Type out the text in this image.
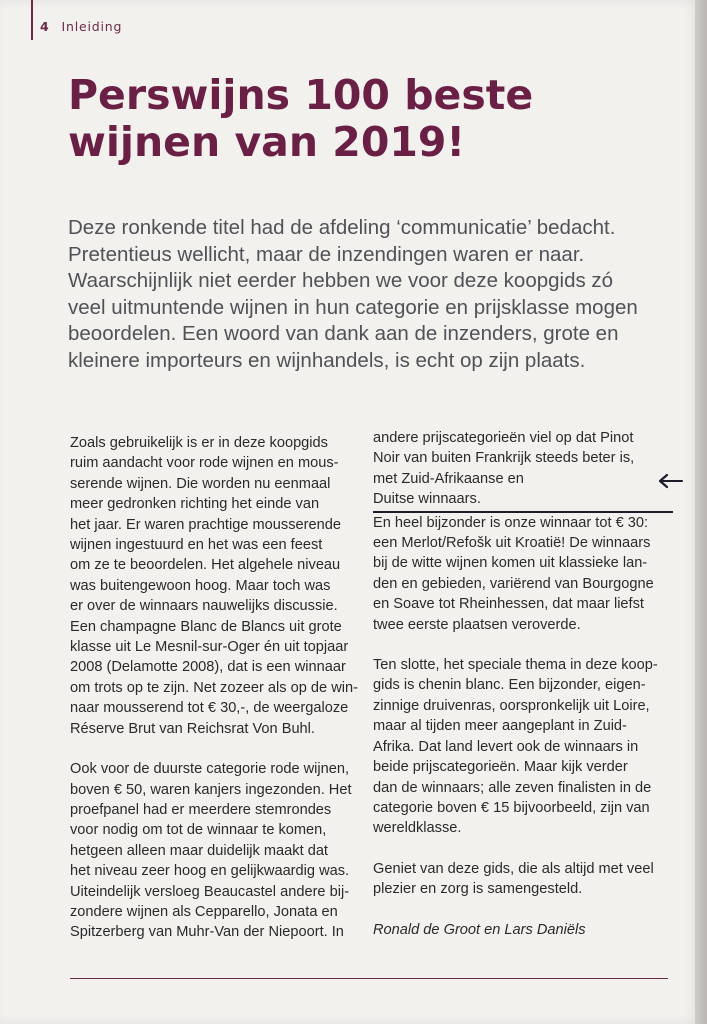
4 Inleiding
Perswijns 100 beste
wijnen van 2019!

Deze ronkende titel had de afdeling ‘communicatie’ bedacht.
Pretentieus wellicht, maar de inzendingen waren er naar.
Waarschijnlijk niet eerder hebben we voor deze koopgids zó
veel uitmuntende wijnen in hun categorie en prijsklasse mogen
beoordelen. Een woord van dank aan de inzenders, grote en
kleinere importeurs en wijnhandels, is echt op zijn plaats.

Zoals gebruikelijk is er in deze koopgids
ruim aandacht voor rode wijnen en mous-
serende wijnen. Die worden nu eenmaal
meer gedronken richting het einde van
het jaar. Er waren prachtige mousserende
wijnen ingestuurd en het was een feest
om ze te beoordelen. Het algehele niveau
was buitengewoon hoog. Maar toch was
er over de winnaars nauwelijks discussie.
Een champagne Blanc de Blancs uit grote
klasse uit Le Mesnil-sur-Oger én uit topjaar
2008 (Delamotte 2008), dat is een winnaar
om trots op te zijn. Net zozeer als op de win-
naar mousserend tot € 30,-, de weergaloze
Réserve Brut van Reichsrat Von Buhl.

Ook voor de duurste categorie rode wijnen,
boven € 50, waren kanjers ingezonden. Het
proefpanel had er meerdere stemrondes
voor nodig om tot de winnaar te komen,
hetgeen alleen maar duidelijk maakt dat
het niveau zeer hoog en gelijkwaardig was.
Uiteindelijk versloeg Beaucastel andere bij-
zondere wijnen als Cepparello, Jonata en
Spitzerberg van Muhr-Van der Niepoort. In

andere prijscategorieën viel op dat Pinot
Noir van buiten Frankrijk steeds beter is,
met Zuid-Afrikaanse en
Duitse winnaars.
En heel bijzonder is onze winnaar tot € 30:
een Merlot/Refošk uit Kroatië! De winnaars
bij de witte wijnen komen uit klassieke lan-
den en gebieden, variërend van Bourgogne
en Soave tot Rheinhessen, dat maar liefst
twee eerste plaatsen veroverde.

Ten slotte, het speciale thema in deze koop-
gids is chenin blanc. Een bijzonder, eigen-
zinnige druivenras, oorspronkelijk uit Loire,
maar al tijden meer aangeplant in Zuid-
Afrika. Dat land levert ook de winnaars in
beide prijscategorieën. Maar kijk verder
dan de winnaars; alle zeven finalisten in de
categorie boven € 15 bijvoorbeeld, zijn van
wereldklasse.

Geniet van deze gids, die als altijd met veel
plezier en zorg is samengesteld.

Ronald de Groot en Lars Daniëls
